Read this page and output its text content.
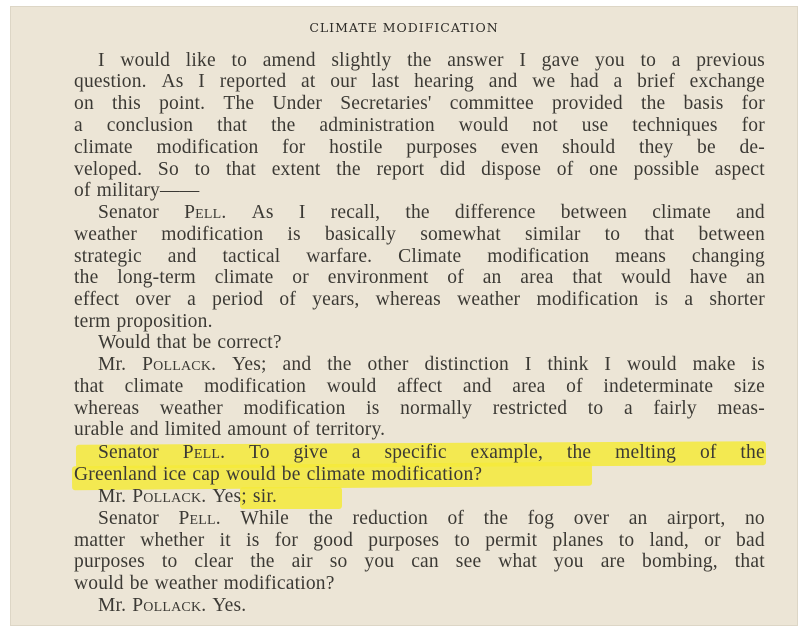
CLIMATE MODIFICATION
I would like to amend slightly the answer I gave you to a previous
question. As I reported at our last hearing and we had a brief exchange
on this point. The Under Secretaries' committee provided the basis for
a conclusion that the administration would not use techniques for
climate modification for hostile purposes even should they be de-
veloped. So to that extent the report did dispose of one possible aspect
of military——
Senator Pell. As I recall, the difference between climate and
weather modification is basically somewhat similar to that between
strategic and tactical warfare. Climate modification means changing
the long-term climate or environment of an area that would have an
effect over a period of years, whereas weather modification is a shorter
term proposition.
Would that be correct?
Mr. Pollack. Yes; and the other distinction I think I would make is
that climate modification would affect and area of indeterminate size
whereas weather modification is normally restricted to a fairly meas-
urable and limited amount of territory.
Senator Pell. To give a specific example, the melting of the
Greenland ice cap would be climate modification?
Mr. Pollack. Yes; sir.
Senator Pell. While the reduction of the fog over an airport, no
matter whether it is for good purposes to permit planes to land, or bad
purposes to clear the air so you can see what you are bombing, that
would be weather modification?
Mr. Pollack. Yes.
